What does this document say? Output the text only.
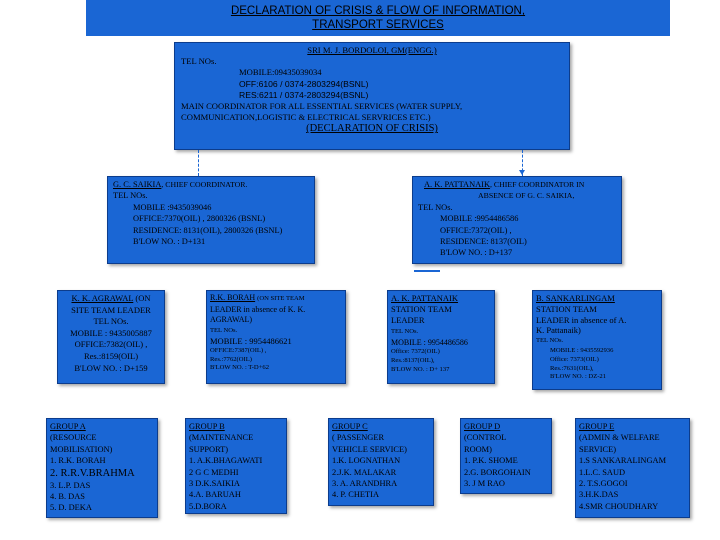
DECLARATION OF CRISIS & FLOW OF INFORMATION,
TRANSPORT SERVICES
SRI M. J. BORDOLOI, GM(ENGG.)
TEL NOs.
MOBILE:09435039034
OFF:6106 / 0374-2803294(BSNL)
RES:6211 / 0374-2803294(BSNL)
MAIN COORDINATOR FOR ALL ESSENTIAL SERVICES (WATER SUPPLY,
COMMUNICATION,LOGISTIC & ELECTRICAL SERVRICES ETC.)
(DECLARATION OF CRISIS)
G. C. SAIKIA, CHIEF COORDINATOR.
TEL NOs.
MOBILE :9435039046
OFFICE:7370(OIL) , 2800326 (BSNL)
RESIDENCE: 8131(OIL), 2800326 (BSNL)
B'LOW NO. : D+131
A. K. PATTANAIK, CHIEF COORDINATOR IN
ABSENCE OF G. C. SAIKIA,
TEL NOs.
MOBILE :9954486586
OFFICE:7372(OIL) ,
RESIDENCE: 8137(OIL)
B'LOW NO. : D+137
K. K. AGRAWAL (ON
SITE TEAM LEADER
TEL NOs.
MOBILE : 9435005887
OFFICE:7382(OIL) ,
Res.:8159(OIL)
B'LOW NO. : D+159
R.K. BORAH (ON SITE TEAM
LEADER in absence of K. K.
AGRAWAL)
TEL NOs.
MOBILE : 9954486621
OFFICE:7387(OIL) ,
Res.:7762(OIL)
B'LOW NO. : T-D+62
A. K. PATTANAIK
STATION TEAM
LEADER
TEL NOs.
MOBILE : 9954486586
Office: 7372(OIL)
Res.:8137(OIL),
B'LOW NO. : D+ 137
B. SANKARLINGAM
STATION TEAM
LEADER in absence of A.
K. Pattanaik)
TEL NOs.
MOBILE : 9435592936
Office: 7373(OIL)
Res.:7631(OIL),
B'LOW NO. : DZ-21
GROUP A
(RESOURCE
MOBILISATION)
1. R.K. BORAH
2. R.R.V.BRAHMA
3. L.P. DAS
4. B. DAS
5. D. DEKA
GROUP B
(MAINTENANCE
SUPPORT)
1. A.K.BHAGAWATI
2 G C MEDHI
3 D.K.SAIKIA
4.A. BARUAH
5.D.BORA
GROUP C
( PASSENGER
VEHICLE SERVICE)
1.K. LOGNATHAN
2.J.K. MALAKAR
3. A. ARANDHRA
4. P. CHETIA
GROUP D
(CONTROL
ROOM)
1. P.K. SHOME
2.G. BORGOHAIN
3. J M RAO
GROUP E
(ADMIN & WELFARE
SERVICE)
1.S SANKARALINGAM
1.L.C. SAUD
2. T.S.GOGOI
3.H.K.DAS
4.SMR CHOUDHARY
